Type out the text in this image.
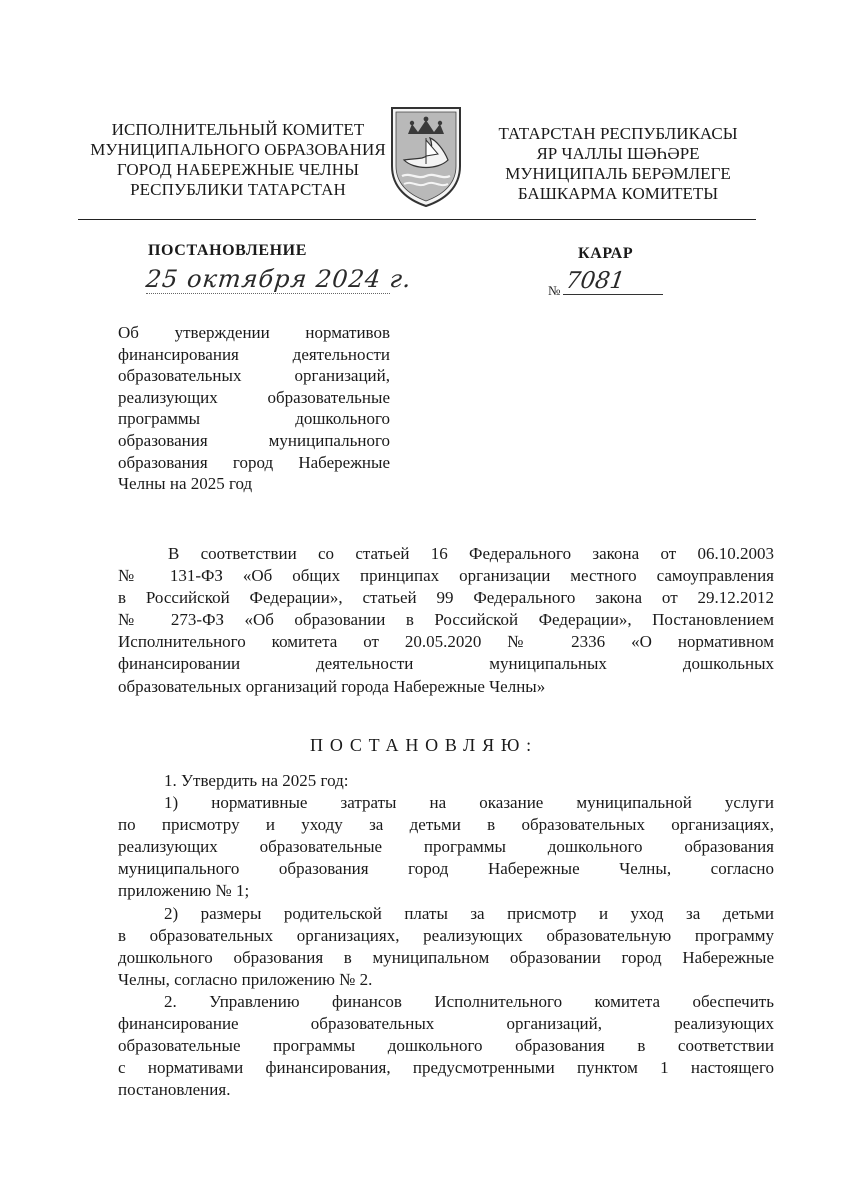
ИСПОЛНИТЕЛЬНЫЙ КОМИТЕТ
МУНИЦИПАЛЬНОГО ОБРАЗОВАНИЯ
ГОРОД НАБЕРЕЖНЫЕ ЧЕЛНЫ
РЕСПУБЛИКИ ТАТАРСТАН
ТАТАРСТАН РЕСПУБЛИКАСЫ
ЯР ЧАЛЛЫ ШӘҺӘРЕ
МУНИЦИПАЛЬ БЕРӘМЛЕГЕ
БАШКАРМА КОМИТЕТЫ
ПОСТАНОВЛЕНИЕ	КАРАР
25 октября 2024 г.	№ 7081
Об утверждении нормативов
финансирования деятельности
образовательных организаций,
реализующих образовательные
программы дошкольного
образования муниципального
образования город Набережные
Челны на 2025 год
В соответствии со статьей 16 Федерального закона от 06.10.2003
№ 131-ФЗ «Об общих принципах организации местного самоуправления
в Российской Федерации», статьей 99 Федерального закона от 29.12.2012
№ 273-ФЗ «Об образовании в Российской Федерации», Постановлением
Исполнительного комитета от 20.05.2020 № 2336 «О нормативном
финансировании деятельности муниципальных дошкольных
образовательных организаций города Набережные Челны»
ПОСТАНОВЛЯЮ:
1. Утвердить на 2025 год:
1) нормативные затраты на оказание муниципальной услуги
по присмотру и уходу за детьми в образовательных организациях,
реализующих образовательные программы дошкольного образования
муниципального образования город Набережные Челны, согласно
приложению № 1;
2) размеры родительской платы за присмотр и уход за детьми
в образовательных организациях, реализующих образовательную программу
дошкольного образования в муниципальном образовании город Набережные
Челны, согласно приложению № 2.
2. Управлению финансов Исполнительного комитета обеспечить
финансирование образовательных организаций, реализующих
образовательные программы дошкольного образования в соответствии
с нормативами финансирования, предусмотренными пунктом 1 настоящего
постановления.
